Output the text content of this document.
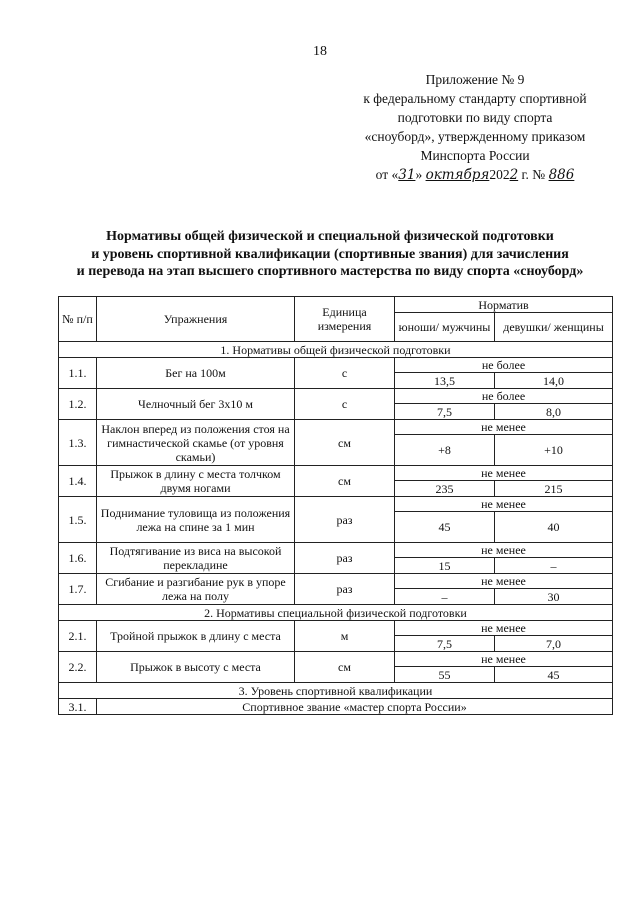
18
Приложение № 9
к федеральному стандарту спортивной
подготовки по виду спорта
«сноуборд», утвержденному приказом
Минспорта России
от «31» октября2022 г. № 886
Нормативы общей физической и специальной физической подготовки
и уровень спортивной квалификации (спортивные звания) для зачисления
и перевода на этап высшего спортивного мастерства по виду спорта «сноуборд»
№ п/п	Упражнения	Единица измерения	Норматив	
			юноши/ мужчины	девушки/ женщины
1. Нормативы общей физической подготовки				
1.1.	Бег на 100м	с	не более	
			13,5	14,0
1.2.	Челночный бег 3х10 м	с	не более	
			7,5	8,0
1.3.	Наклон вперед из положения стоя на гимнастической скамье (от уровня скамьи)	см	не менее	
			+8	+10
1.4.	Прыжок в длину с места толчком двумя ногами	см	не менее	
			235	215
1.5.	Поднимание туловища из положения лежа на спине за 1 мин	раз	не менее	
			45	40
1.6.	Подтягивание из виса на высокой перекладине	раз	не менее	
			15	–
1.7.	Сгибание и разгибание рук в упоре лежа на полу	раз	не менее	
			–	30
2. Нормативы специальной физической подготовки				
2.1.	Тройной прыжок в длину с места	м	не менее	
			7,5	7,0
2.2.	Прыжок в высоту с места	см	не менее	
			55	45
3. Уровень спортивной квалификации				
3.1.	Спортивное звание «мастер спорта России»			
